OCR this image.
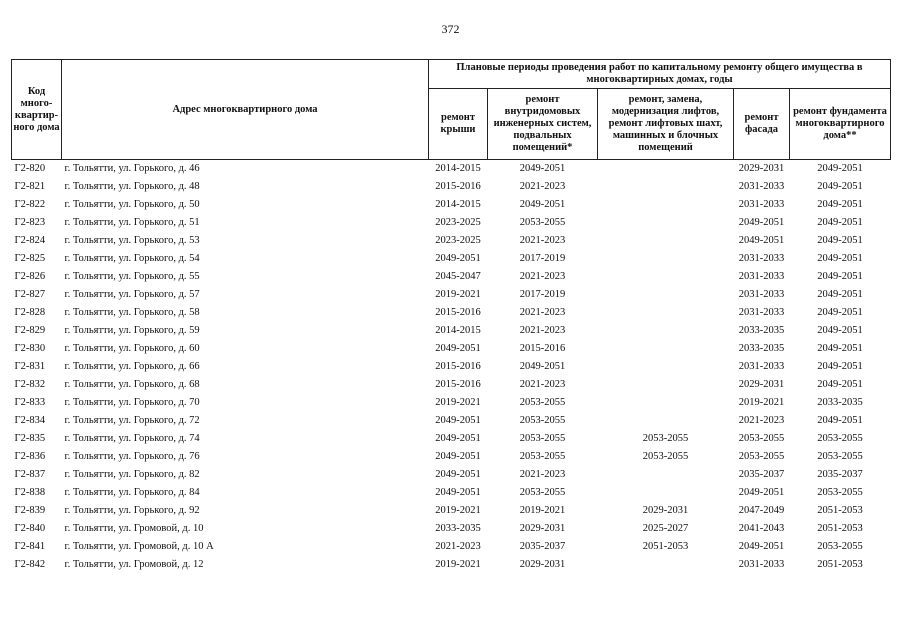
372
Код много-квартир-ного дома	Адрес многоквартирного дома	Плановые периоды проведения работ по капитальному ремонту общего имущества в многоквартирных домах, годы				
		ремонт крыши	ремонт внутридомовых инженерных систем, подвальных помещений*	ремонт, замена, модернизация лифтов, ремонт лифтовых шахт, машинных и блочных помещений	ремонт фасада	ремонт фундамента многоквартирного дома**
Г2-820	г. Тольятти, ул. Горького, д. 46	2014-2015	2049-2051		2029-2031	2049-2051
Г2-821	г. Тольятти, ул. Горького, д. 48	2015-2016	2021-2023		2031-2033	2049-2051
Г2-822	г. Тольятти, ул. Горького, д. 50	2014-2015	2049-2051		2031-2033	2049-2051
Г2-823	г. Тольятти, ул. Горького, д. 51	2023-2025	2053-2055		2049-2051	2049-2051
Г2-824	г. Тольятти, ул. Горького, д. 53	2023-2025	2021-2023		2049-2051	2049-2051
Г2-825	г. Тольятти, ул. Горького, д. 54	2049-2051	2017-2019		2031-2033	2049-2051
Г2-826	г. Тольятти, ул. Горького, д. 55	2045-2047	2021-2023		2031-2033	2049-2051
Г2-827	г. Тольятти, ул. Горького, д. 57	2019-2021	2017-2019		2031-2033	2049-2051
Г2-828	г. Тольятти, ул. Горького, д. 58	2015-2016	2021-2023		2031-2033	2049-2051
Г2-829	г. Тольятти, ул. Горького, д. 59	2014-2015	2021-2023		2033-2035	2049-2051
Г2-830	г. Тольятти, ул. Горького, д. 60	2049-2051	2015-2016		2033-2035	2049-2051
Г2-831	г. Тольятти, ул. Горького, д. 66	2015-2016	2049-2051		2031-2033	2049-2051
Г2-832	г. Тольятти, ул. Горького, д. 68	2015-2016	2021-2023		2029-2031	2049-2051
Г2-833	г. Тольятти, ул. Горького, д. 70	2019-2021	2053-2055		2019-2021	2033-2035
Г2-834	г. Тольятти, ул. Горького, д. 72	2049-2051	2053-2055		2021-2023	2049-2051
Г2-835	г. Тольятти, ул. Горького, д. 74	2049-2051	2053-2055	2053-2055	2053-2055	2053-2055
Г2-836	г. Тольятти, ул. Горького, д. 76	2049-2051	2053-2055	2053-2055	2053-2055	2053-2055
Г2-837	г. Тольятти, ул. Горького, д. 82	2049-2051	2021-2023		2035-2037	2035-2037
Г2-838	г. Тольятти, ул. Горького, д. 84	2049-2051	2053-2055		2049-2051	2053-2055
Г2-839	г. Тольятти, ул. Горького, д. 92	2019-2021	2019-2021	2029-2031	2047-2049	2051-2053
Г2-840	г. Тольятти, ул. Громовой, д. 10	2033-2035	2029-2031	2025-2027	2041-2043	2051-2053
Г2-841	г. Тольятти, ул. Громовой, д. 10 А	2021-2023	2035-2037	2051-2053	2049-2051	2053-2055
Г2-842	г. Тольятти, ул. Громовой, д. 12	2019-2021	2029-2031		2031-2033	2051-2053
